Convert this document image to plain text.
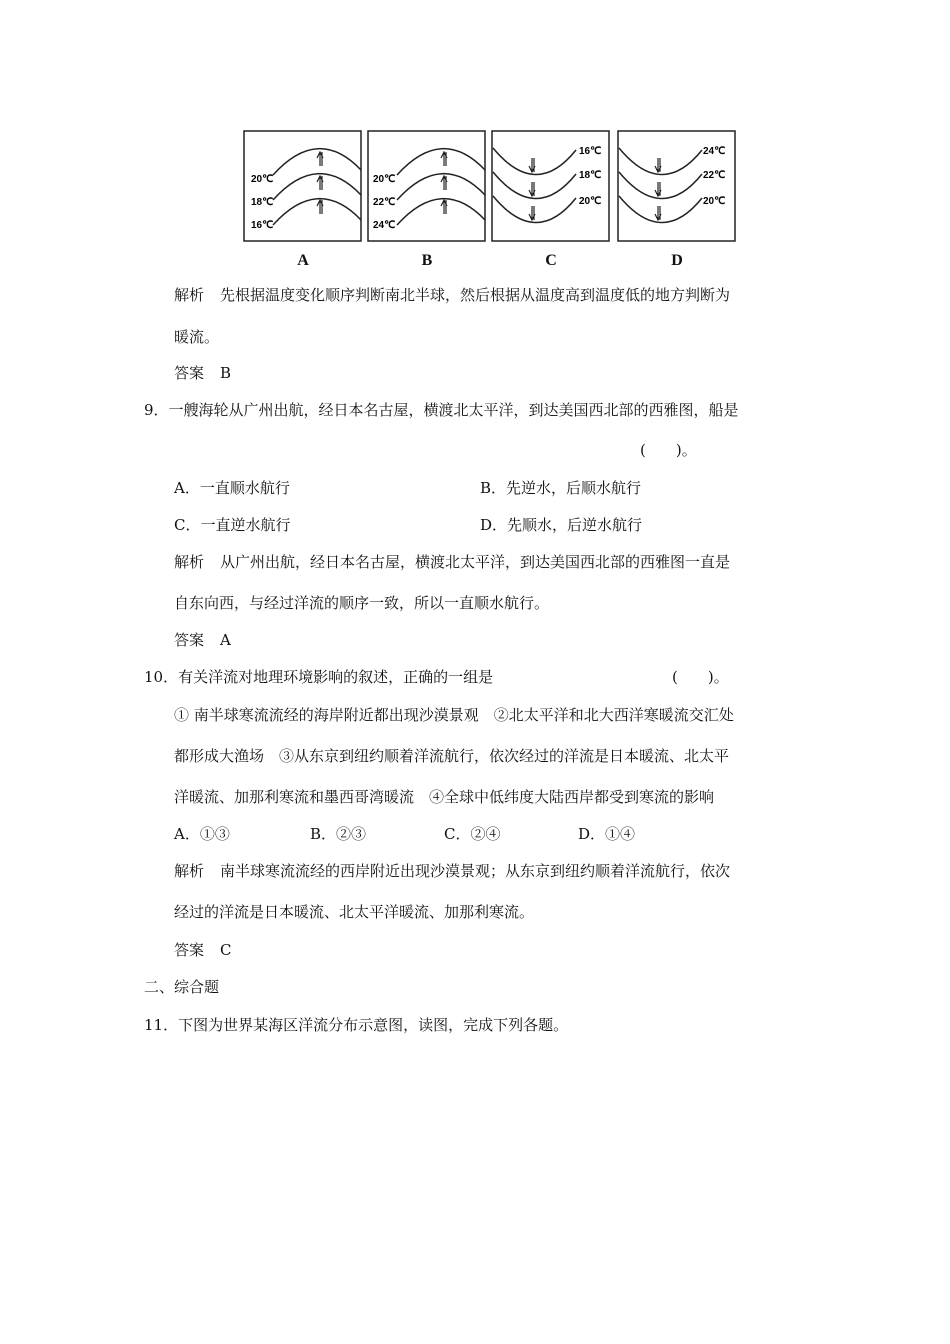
20℃
18℃
16℃
A
20℃
22℃
24℃
B
16℃
18℃
20℃
C
24℃
22℃
20℃
D
解析 先根据温度变化顺序判断南北半球，然后根据从温度高到温度低的地方判断为
暖流。
答案 B
9．一艘海轮从广州出航，经日本名古屋，横渡北太平洋，到达美国西北部的西雅图，船是
(　　)。
A．一直顺水航行	B．先逆水，后顺水航行
C．一直逆水航行	D．先顺水，后逆水航行
解析 从广州出航，经日本名古屋，横渡北太平洋，到达美国西北部的西雅图一直是
自东向西，与经过洋流的顺序一致，所以一直顺水航行。
答案 A
10．有关洋流对地理环境影响的叙述，正确的一组是	(　　)。
① 南半球寒流流经的海岸附近都出现沙漠景观　②北太平洋和北大西洋寒暖流交汇处
都形成大渔场　③从东京到纽约顺着洋流航行，依次经过的洋流是日本暖流、北太平
洋暖流、加那利寒流和墨西哥湾暖流　④全球中低纬度大陆西岸都受到寒流的影响
A．①③	B．②③	C．②④	D．①④
解析 南半球寒流流经的西岸附近出现沙漠景观；从东京到纽约顺着洋流航行，依次
经过的洋流是日本暖流、北太平洋暖流、加那利寒流。
答案 C
二、综合题
11．下图为世界某海区洋流分布示意图，读图，完成下列各题。
